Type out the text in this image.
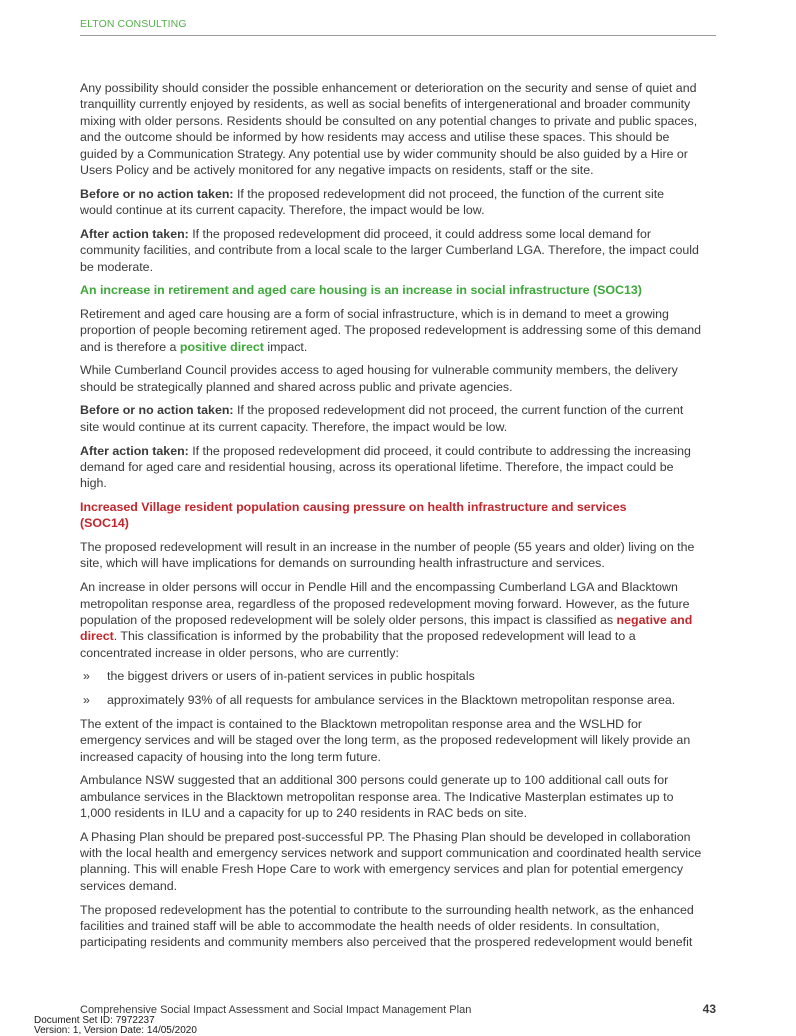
ELTON CONSULTING
Any possibility should consider the possible enhancement or deterioration on the security and sense of quiet and
tranquillity currently enjoyed by residents, as well as social benefits of intergenerational and broader community
mixing with older persons. Residents should be consulted on any potential changes to private and public spaces,
and the outcome should be informed by how residents may access and utilise these spaces. This should be
guided by a Communication Strategy. Any potential use by wider community should be also guided by a Hire or
Users Policy and be actively monitored for any negative impacts on residents, staff or the site.
Before or no action taken: If the proposed redevelopment did not proceed, the function of the current site
would continue at its current capacity. Therefore, the impact would be low.
After action taken: If the proposed redevelopment did proceed, it could address some local demand for
community facilities, and contribute from a local scale to the larger Cumberland LGA. Therefore, the impact could
be moderate.
An increase in retirement and aged care housing is an increase in social infrastructure (SOC13)
Retirement and aged care housing are a form of social infrastructure, which is in demand to meet a growing
proportion of people becoming retirement aged. The proposed redevelopment is addressing some of this demand
and is therefore a positive direct impact.
While Cumberland Council provides access to aged housing for vulnerable community members, the delivery
should be strategically planned and shared across public and private agencies.
Before or no action taken: If the proposed redevelopment did not proceed, the current function of the current
site would continue at its current capacity. Therefore, the impact would be low.
After action taken: If the proposed redevelopment did proceed, it could contribute to addressing the increasing
demand for aged care and residential housing, across its operational lifetime. Therefore, the impact could be
high.
Increased Village resident population causing pressure on health infrastructure and services
(SOC14)
The proposed redevelopment will result in an increase in the number of people (55 years and older) living on the
site, which will have implications for demands on surrounding health infrastructure and services.
An increase in older persons will occur in Pendle Hill and the encompassing Cumberland LGA and Blacktown
metropolitan response area, regardless of the proposed redevelopment moving forward. However, as the future
population of the proposed redevelopment will be solely older persons, this impact is classified as negative and
direct. This classification is informed by the probability that the proposed redevelopment will lead to a
concentrated increase in older persons, who are currently:
» the biggest drivers or users of in-patient services in public hospitals
» approximately 93% of all requests for ambulance services in the Blacktown metropolitan response area.
The extent of the impact is contained to the Blacktown metropolitan response area and the WSLHD for
emergency services and will be staged over the long term, as the proposed redevelopment will likely provide an
increased capacity of housing into the long term future.
Ambulance NSW suggested that an additional 300 persons could generate up to 100 additional call outs for
ambulance services in the Blacktown metropolitan response area. The Indicative Masterplan estimates up to
1,000 residents in ILU and a capacity for up to 240 residents in RAC beds on site.
A Phasing Plan should be prepared post-successful PP. The Phasing Plan should be developed in collaboration
with the local health and emergency services network and support communication and coordinated health service
planning. This will enable Fresh Hope Care to work with emergency services and plan for potential emergency
services demand.
The proposed redevelopment has the potential to contribute to the surrounding health network, as the enhanced
facilities and trained staff will be able to accommodate the health needs of older residents. In consultation,
participating residents and community members also perceived that the prospered redevelopment would benefit
Comprehensive Social Impact Assessment and Social Impact Management Plan	43
Document Set ID: 7972237
Version: 1, Version Date: 14/05/2020
